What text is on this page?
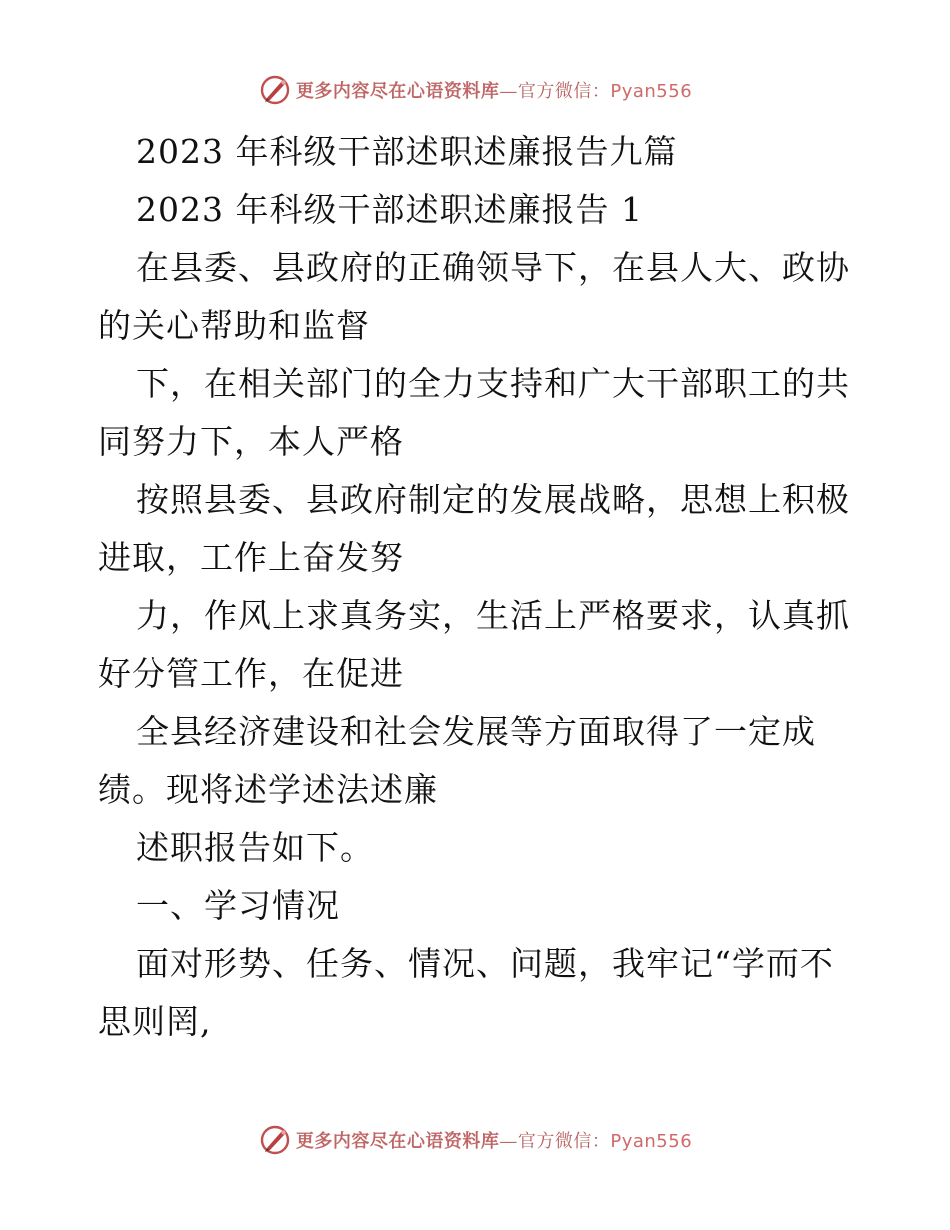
更多内容尽在心语资料库—官方微信：Pyan556
2023 年科级干部述职述廉报告九篇
2023 年科级干部述职述廉报告 1
在县委、县政府的正确领导下，在县人大、政协
的关心帮助和监督
下，在相关部门的全力支持和广大干部职工的共
同努力下，本人严格
按照县委、县政府制定的发展战略，思想上积极
进取，工作上奋发努
力，作风上求真务实，生活上严格要求，认真抓
好分管工作，在促进
全县经济建设和社会发展等方面取得了一定成
绩。现将述学述法述廉
述职报告如下。
一、学习情况
面对形势、任务、情况、问题，我牢记“学而不
思则罔,
更多内容尽在心语资料库—官方微信：Pyan556
